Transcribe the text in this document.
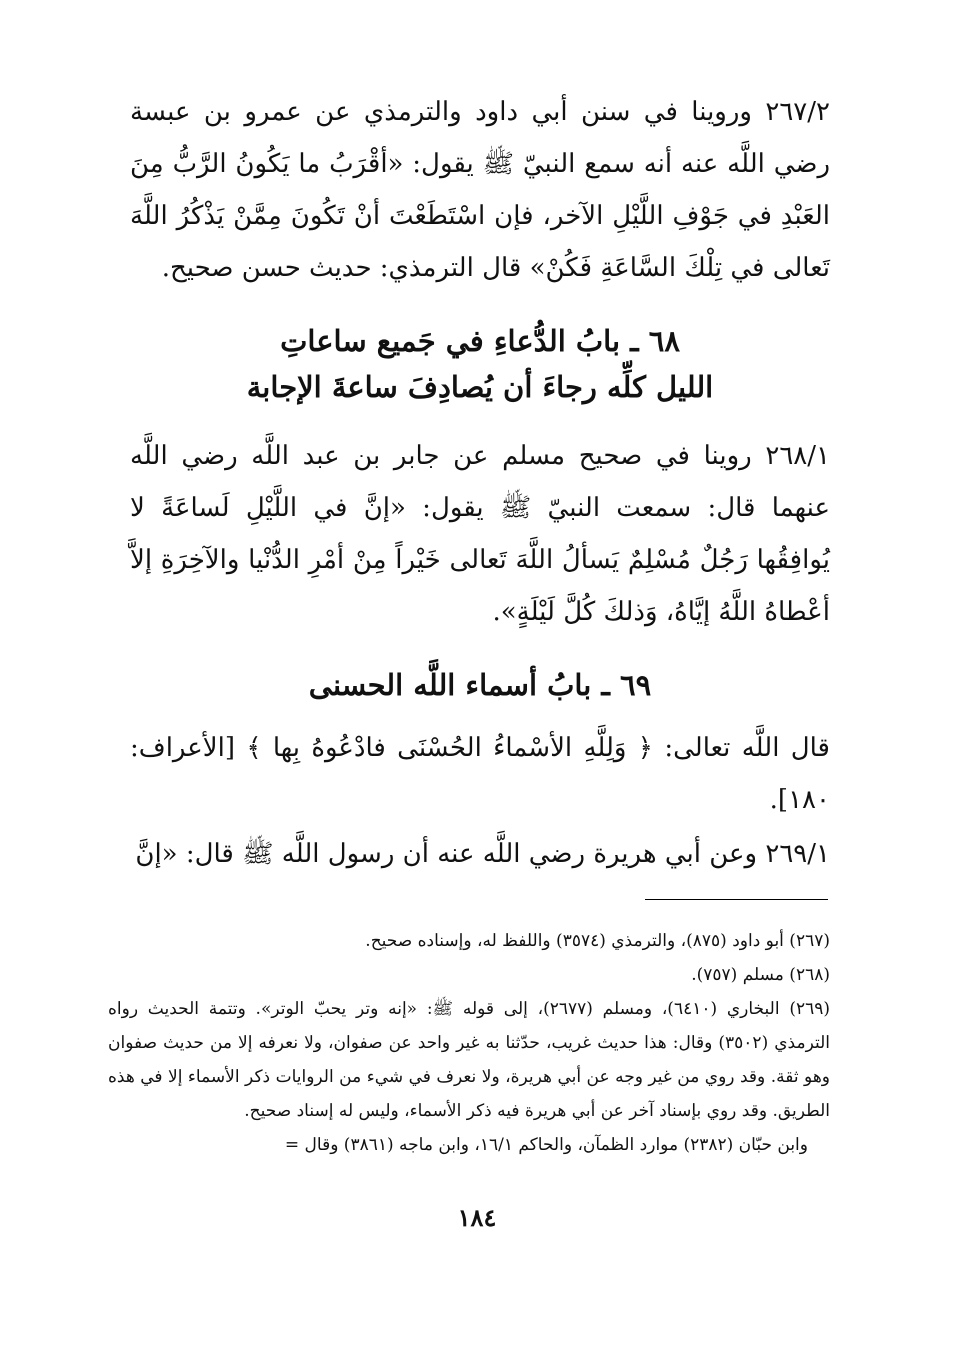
٢٦٧/٢ وروينا في سنن أبي داود والترمذي عن عمرو بن عبسة رضي اللَّه عنه أنه سمع النبيّ ﷺ يقول: «أقْرَبُ ما يَكُونُ الرَّبُّ مِنَ العَبْدِ في جَوْفِ اللَّيْلِ الآخر، فإن اسْتَطَعْتَ أنْ تَكُونَ مِمَّنْ يَذْكُرُ اللَّهَ تَعالى في تِلْكَ السَّاعَةِ فَكُنْ» قال الترمذي: حديث حسن صحيح.

٦٨ ـ بابُ الدُّعاءِ في جَميع ساعاتِ
الليل كلِّه رجاءَ أن يُصادِفَ ساعةَ الإجابة

٢٦٨/١ روينا في صحيح مسلم عن جابر بن عبد اللَّه رضي اللَّه عنهما قال: سمعت النبيّ ﷺ يقول: «إنَّ في اللَّيْلِ لَساعَةً لا يُوافِقُها رَجُلٌ مُسْلِمٌ يَسألُ اللَّهَ تَعالى خَيْراً مِنْ أمْرِ الدُّنْيا والآخِرَةِ إلاَّ أعْطاهُ اللَّهُ إيَّاهُ، وَذلكَ كُلَّ لَيْلَةٍ».

٦٩ ـ بابُ أسماء اللَّه الحسنى

قال اللَّه تعالى: ﴿ وَلِلَّهِ الأسْماءُ الحُسْنَى فادْعُوهُ بِها ﴾ [الأعراف: ١٨٠].

٢٦٩/١ وعن أبي هريرة رضي اللَّه عنه أن رسول اللَّه ﷺ قال: «إنَّ

(٢٦٧) أبو داود (٨٧٥)، والترمذي (٣٥٧٤) واللفظ له، وإسناده صحيح.

(٢٦٨) مسلم (٧٥٧).

(٢٦٩) البخاري (٦٤١٠)، ومسلم (٢٦٧٧)، إلى قوله ﷺ: «إنه وتر يحبّ الوتر». وتتمة الحديث رواه الترمذي (٣٥٠٢) وقال: هذا حديث غريب، حدّثنا به غير واحد عن صفوان، ولا نعرفه إلا من حديث صفوان وهو ثقة. وقد روي من غير وجه عن أبي هريرة، ولا نعرف في شيء من الروايات ذكر الأسماء إلا في هذه الطريق. وقد روي بإسناد آخر عن أبي هريرة فيه ذكر الأسماء، وليس له إسناد صحيح.

وابن حبّان (٢٣٨٢) موارد الظمآن، والحاكم ١٦/١، وابن ماجه (٣٨٦١) وقال =

١٨٤
